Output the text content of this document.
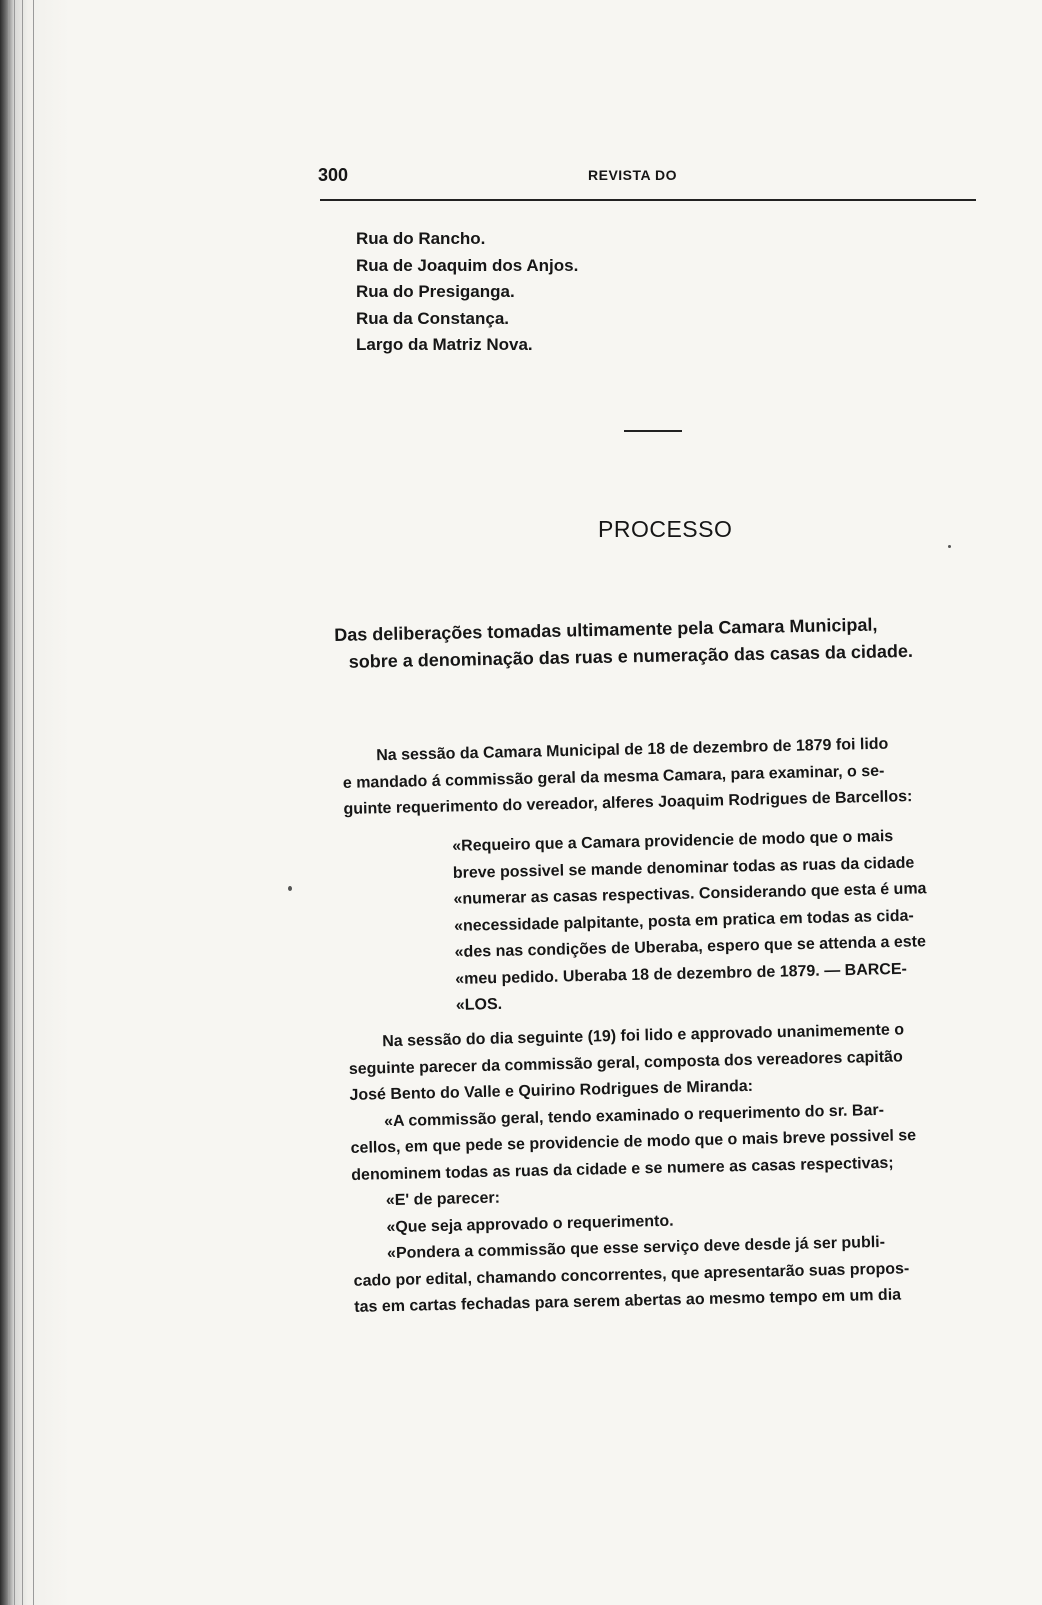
300	REVISTA DO
Rua do Rancho.
Rua de Joaquim dos Anjos.
Rua do Presiganga.
Rua da Constança.
Largo da Matriz Nova.
PROCESSO
Das deliberações tomadas ultimamente pela Camara Municipal,
sobre a denominação das ruas e numeração das casas da cidade.
Na sessão da Camara Municipal de 18 de dezembro de 1879 foi lido
e mandado á commissão geral da mesma Camara, para examinar, o se-
guinte requerimento do vereador, alferes Joaquim Rodrigues de Barcellos:
«Requeiro que a Camara providencie de modo que o mais
breve possivel se mande denominar todas as ruas da cidade
«numerar as casas respectivas. Considerando que esta é uma
«necessidade palpitante, posta em pratica em todas as cida-
«des nas condições de Uberaba, espero que se attenda a este
«meu pedido. Uberaba 18 de dezembro de 1879. — BARCE-
«LOS.
Na sessão do dia seguinte (19) foi lido e approvado unanimemente o
seguinte parecer da commissão geral, composta dos vereadores capitão
José Bento do Valle e Quirino Rodrigues de Miranda:
«A commissão geral, tendo examinado o requerimento do sr. Bar-
cellos, em que pede se providencie de modo que o mais breve possivel se
denominem todas as ruas da cidade e se numere as casas respectivas;
«E' de parecer:
«Que seja approvado o requerimento.
«Pondera a commissão que esse serviço deve desde já ser publi-
cado por edital, chamando concorrentes, que apresentarão suas propos-
tas em cartas fechadas para serem abertas ao mesmo tempo em um dia
